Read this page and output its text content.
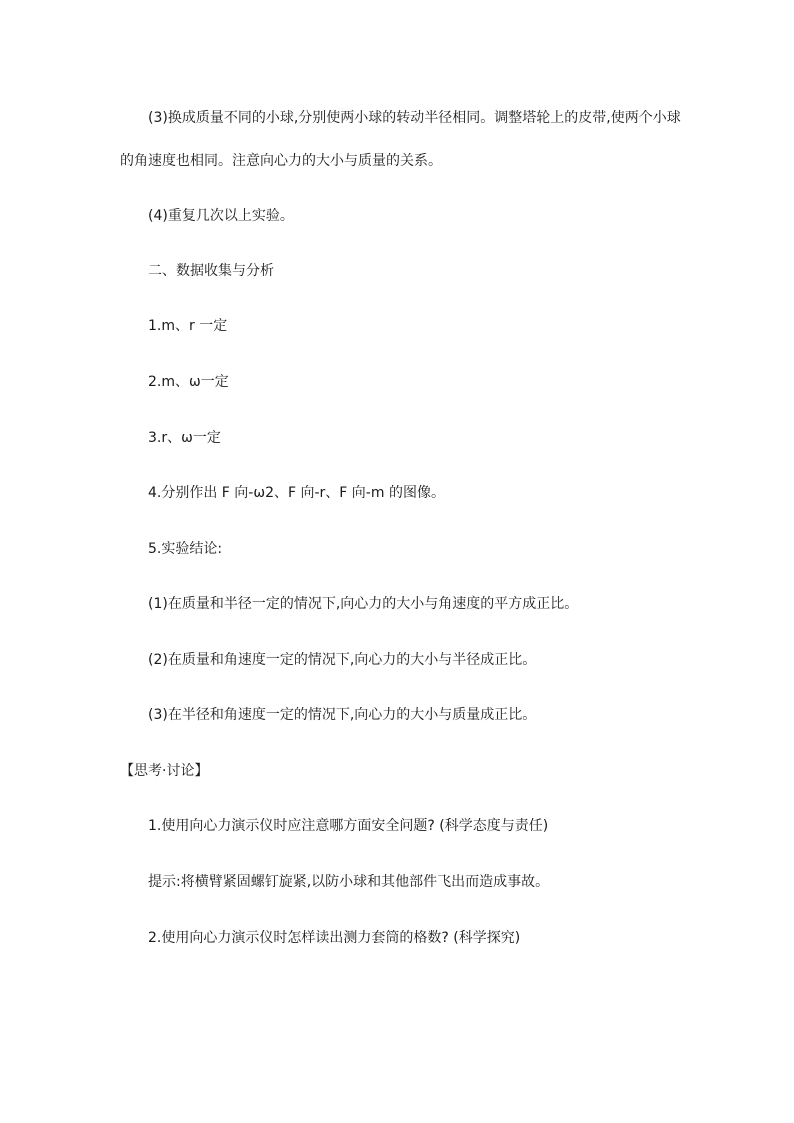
(3)换成质量不同的小球,分别使两小球的转动半径相同。调整塔轮上的皮带,使两个小球
的角速度也相同。注意向心力的大小与质量的关系。
(4)重复几次以上实验。
二、数据收集与分析
1.m、r 一定
2.m、ω一定
3.r、ω一定
4.分别作出 F 向-ω2、F 向-r、F 向-m 的图像。
5.实验结论:
(1)在质量和半径一定的情况下,向心力的大小与角速度的平方成正比。
(2)在质量和角速度一定的情况下,向心力的大小与半径成正比。
(3)在半径和角速度一定的情况下,向心力的大小与质量成正比。
【思考·讨论】
1.使用向心力演示仪时应注意哪方面安全问题? (科学态度与责任)
提示:将横臂紧固螺钉旋紧,以防小球和其他部件飞出而造成事故。
2.使用向心力演示仪时怎样读出测力套筒的格数? (科学探究)
